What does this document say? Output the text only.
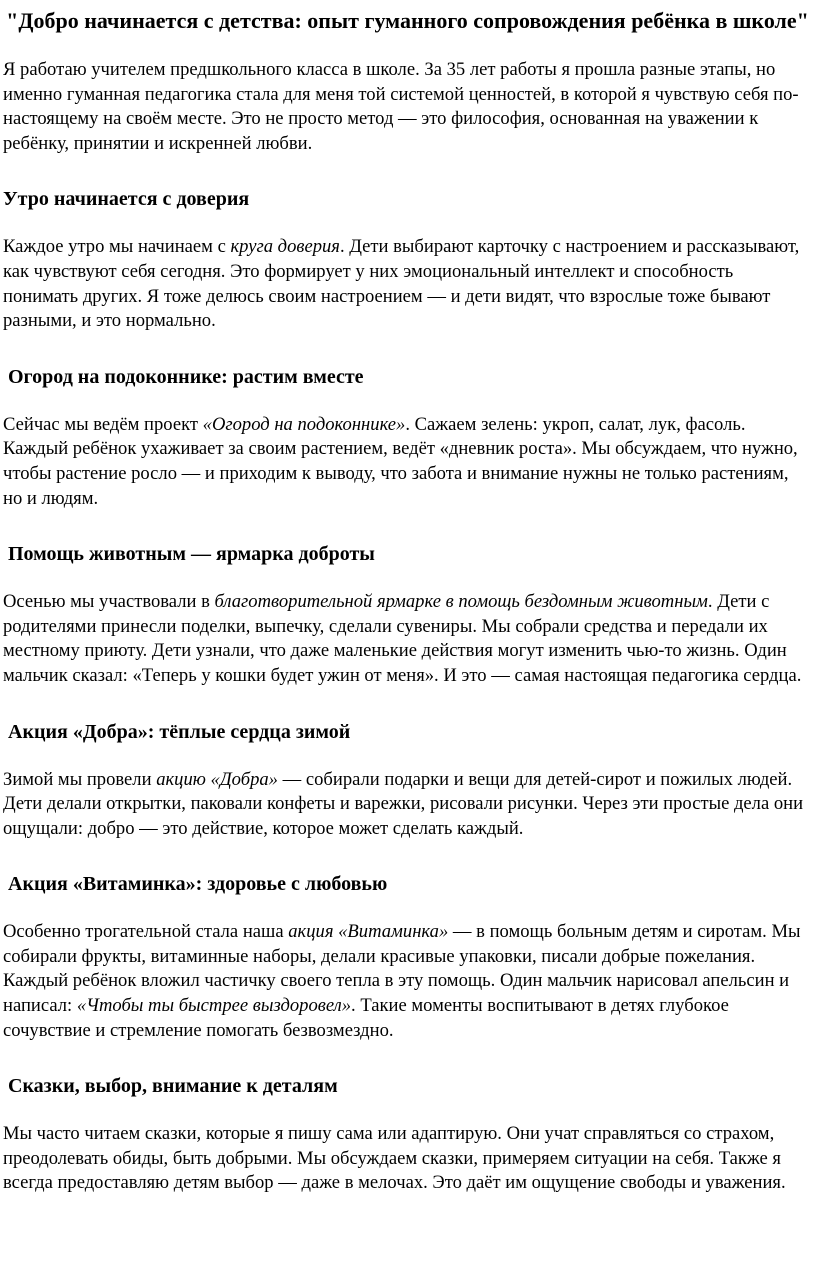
"Добро начинается с детства: опыт гуманного сопровождения ребёнка в школе"

Я работаю учителем предшкольного класса в школе. За 35 лет работы я прошла разные этапы, но именно гуманная педагогика стала для меня той системой ценностей, в которой я чувствую себя по-настоящему на своём месте. Это не просто метод — это философия, основанная на уважении к ребёнку, принятии и искренней любви.

Утро начинается с доверия

Каждое утро мы начинаем с круга доверия. Дети выбирают карточку с настроением и рассказывают, как чувствуют себя сегодня. Это формирует у них эмоциональный интеллект и способность понимать других. Я тоже делюсь своим настроением — и дети видят, что взрослые тоже бывают разными, и это нормально.

Огород на подоконнике: растим вместе

Сейчас мы ведём проект «Огород на подоконнике». Сажаем зелень: укроп, салат, лук, фасоль. Каждый ребёнок ухаживает за своим растением, ведёт «дневник роста». Мы обсуждаем, что нужно, чтобы растение росло — и приходим к выводу, что забота и внимание нужны не только растениям, но и людям.

Помощь животным — ярмарка доброты

Осенью мы участвовали в благотворительной ярмарке в помощь бездомным животным. Дети с родителями принесли поделки, выпечку, сделали сувениры. Мы собрали средства и передали их местному приюту. Дети узнали, что даже маленькие действия могут изменить чью-то жизнь. Один мальчик сказал: «Теперь у кошки будет ужин от меня». И это — самая настоящая педагогика сердца.

Акция «Добра»: тёплые сердца зимой

Зимой мы провели акцию «Добра» — собирали подарки и вещи для детей-сирот и пожилых людей. Дети делали открытки, паковали конфеты и варежки, рисовали рисунки. Через эти простые дела они ощущали: добро — это действие, которое может сделать каждый.

Акция «Витаминка»: здоровье с любовью

Особенно трогательной стала наша акция «Витаминка» — в помощь больным детям и сиротам. Мы собирали фрукты, витаминные наборы, делали красивые упаковки, писали добрые пожелания. Каждый ребёнок вложил частичку своего тепла в эту помощь. Один мальчик нарисовал апельсин и написал: «Чтобы ты быстрее выздоровел». Такие моменты воспитывают в детях глубокое сочувствие и стремление помогать безвозмездно.

Сказки, выбор, внимание к деталям

Мы часто читаем сказки, которые я пишу сама или адаптирую. Они учат справляться со страхом, преодолевать обиды, быть добрыми. Мы обсуждаем сказки, примеряем ситуации на себя. Также я всегда предоставляю детям выбор — даже в мелочах. Это даёт им ощущение свободы и уважения.
